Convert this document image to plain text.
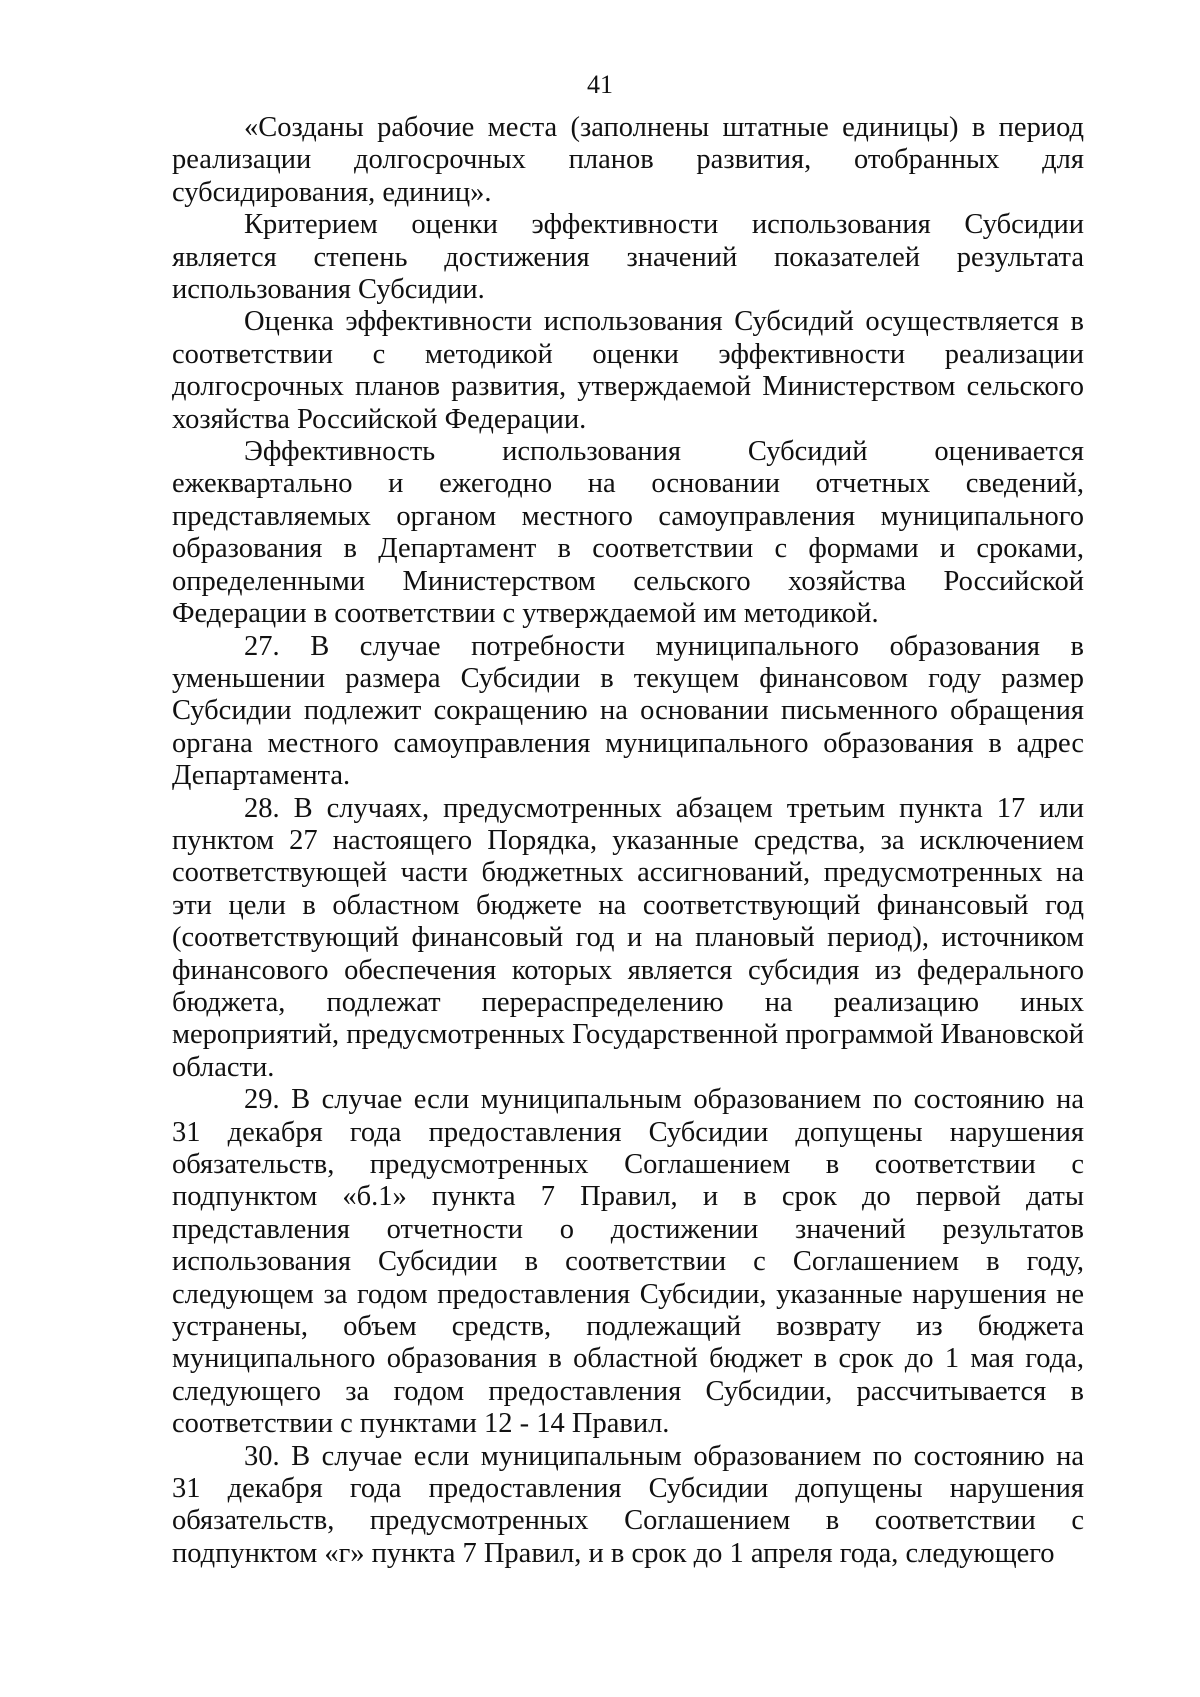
41

«Созданы рабочие места (заполнены штатные единицы) в период реализации долгосрочных планов развития, отобранных для субсидирования, единиц».

Критерием оценки эффективности использования Субсидии является степень достижения значений показателей результата использования Субсидии.

Оценка эффективности использования Субсидий осуществляется в соответствии с методикой оценки эффективности реализации долгосрочных планов развития, утверждаемой Министерством сельского хозяйства Российской Федерации.

Эффективность использования Субсидий оценивается ежеквартально и ежегодно на основании отчетных сведений, представляемых органом местного самоуправления муниципального образования в Департамент в соответствии с формами и сроками, определенными Министерством сельского хозяйства Российской Федерации в соответствии с утверждаемой им методикой.

27. В случае потребности муниципального образования в уменьшении размера Субсидии в текущем финансовом году размер Субсидии подлежит сокращению на основании письменного обращения органа местного самоуправления муниципального образования в адрес Департамента.

28. В случаях, предусмотренных абзацем третьим пункта 17 или пунктом 27 настоящего Порядка, указанные средства, за исключением соответствующей части бюджетных ассигнований, предусмотренных на эти цели в областном бюджете на соответствующий финансовый год (соответствующий финансовый год и на плановый период), источником финансового обеспечения которых является субсидия из федерального бюджета, подлежат перераспределению на реализацию иных мероприятий, предусмотренных Государственной программой Ивановской области.

29. В случае если муниципальным образованием по состоянию на 31 декабря года предоставления Субсидии допущены нарушения обязательств, предусмотренных Соглашением в соответствии с подпунктом «б.1» пункта 7 Правил, и в срок до первой даты представления отчетности о достижении значений результатов использования Субсидии в соответствии с Соглашением в году, следующем за годом предоставления Субсидии, указанные нарушения не устранены, объем средств, подлежащий возврату из бюджета муниципального образования в областной бюджет в срок до 1 мая года, следующего за годом предоставления Субсидии, рассчитывается в соответствии с пунктами 12 - 14 Правил.

30. В случае если муниципальным образованием по состоянию на 31 декабря года предоставления Субсидии допущены нарушения обязательств, предусмотренных Соглашением в соответствии с подпунктом «г» пункта 7 Правил, и в срок до 1 апреля года, следующего
